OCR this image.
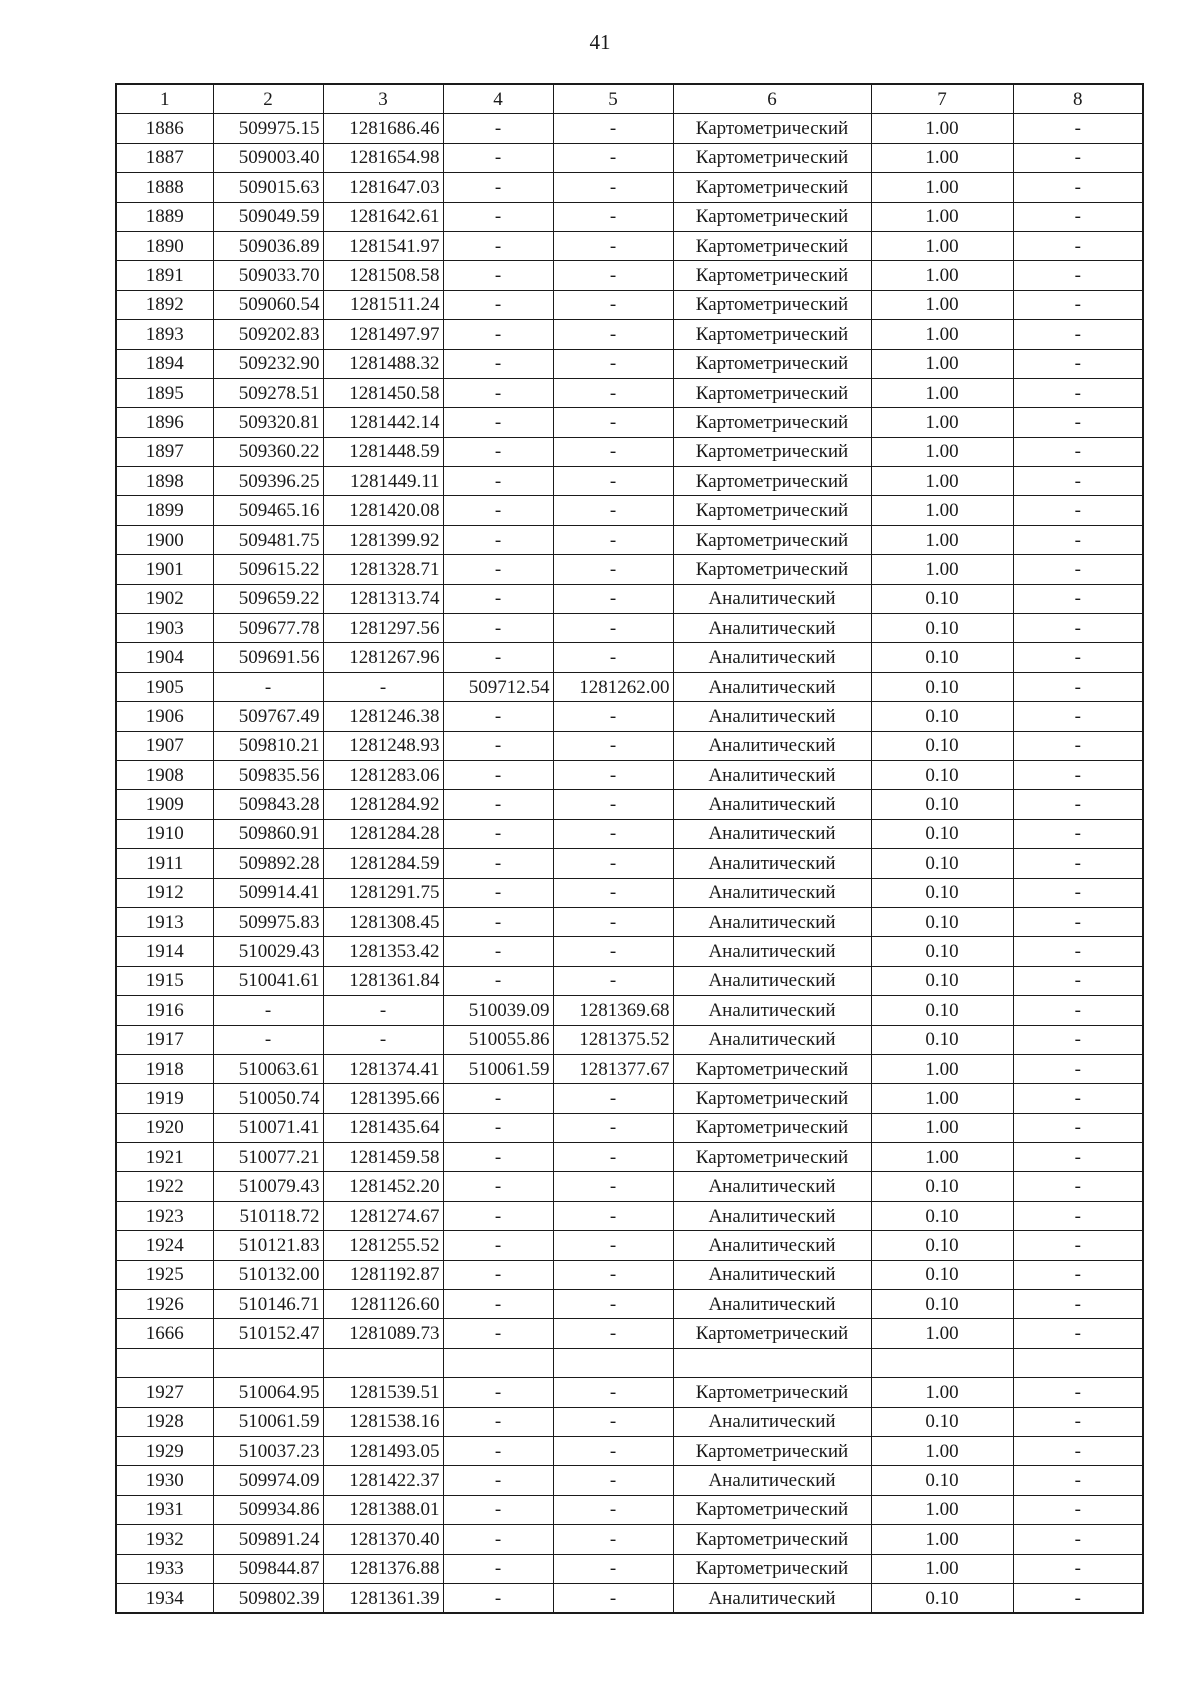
41
1	2	3	4	5	6	7	8
1886	509975.15	1281686.46	-	-	Картометрический	1.00	-
1887	509003.40	1281654.98	-	-	Картометрический	1.00	-
1888	509015.63	1281647.03	-	-	Картометрический	1.00	-
1889	509049.59	1281642.61	-	-	Картометрический	1.00	-
1890	509036.89	1281541.97	-	-	Картометрический	1.00	-
1891	509033.70	1281508.58	-	-	Картометрический	1.00	-
1892	509060.54	1281511.24	-	-	Картометрический	1.00	-
1893	509202.83	1281497.97	-	-	Картометрический	1.00	-
1894	509232.90	1281488.32	-	-	Картометрический	1.00	-
1895	509278.51	1281450.58	-	-	Картометрический	1.00	-
1896	509320.81	1281442.14	-	-	Картометрический	1.00	-
1897	509360.22	1281448.59	-	-	Картометрический	1.00	-
1898	509396.25	1281449.11	-	-	Картометрический	1.00	-
1899	509465.16	1281420.08	-	-	Картометрический	1.00	-
1900	509481.75	1281399.92	-	-	Картометрический	1.00	-
1901	509615.22	1281328.71	-	-	Картометрический	1.00	-
1902	509659.22	1281313.74	-	-	Аналитический	0.10	-
1903	509677.78	1281297.56	-	-	Аналитический	0.10	-
1904	509691.56	1281267.96	-	-	Аналитический	0.10	-
1905	-	-	509712.54	1281262.00	Аналитический	0.10	-
1906	509767.49	1281246.38	-	-	Аналитический	0.10	-
1907	509810.21	1281248.93	-	-	Аналитический	0.10	-
1908	509835.56	1281283.06	-	-	Аналитический	0.10	-
1909	509843.28	1281284.92	-	-	Аналитический	0.10	-
1910	509860.91	1281284.28	-	-	Аналитический	0.10	-
1911	509892.28	1281284.59	-	-	Аналитический	0.10	-
1912	509914.41	1281291.75	-	-	Аналитический	0.10	-
1913	509975.83	1281308.45	-	-	Аналитический	0.10	-
1914	510029.43	1281353.42	-	-	Аналитический	0.10	-
1915	510041.61	1281361.84	-	-	Аналитический	0.10	-
1916	-	-	510039.09	1281369.68	Аналитический	0.10	-
1917	-	-	510055.86	1281375.52	Аналитический	0.10	-
1918	510063.61	1281374.41	510061.59	1281377.67	Картометрический	1.00	-
1919	510050.74	1281395.66	-	-	Картометрический	1.00	-
1920	510071.41	1281435.64	-	-	Картометрический	1.00	-
1921	510077.21	1281459.58	-	-	Картометрический	1.00	-
1922	510079.43	1281452.20	-	-	Аналитический	0.10	-
1923	510118.72	1281274.67	-	-	Аналитический	0.10	-
1924	510121.83	1281255.52	-	-	Аналитический	0.10	-
1925	510132.00	1281192.87	-	-	Аналитический	0.10	-
1926	510146.71	1281126.60	-	-	Аналитический	0.10	-
1666	510152.47	1281089.73	-	-	Картометрический	1.00	-

1927	510064.95	1281539.51	-	-	Картометрический	1.00	-
1928	510061.59	1281538.16	-	-	Аналитический	0.10	-
1929	510037.23	1281493.05	-	-	Картометрический	1.00	-
1930	509974.09	1281422.37	-	-	Аналитический	0.10	-
1931	509934.86	1281388.01	-	-	Картометрический	1.00	-
1932	509891.24	1281370.40	-	-	Картометрический	1.00	-
1933	509844.87	1281376.88	-	-	Картометрический	1.00	-
1934	509802.39	1281361.39	-	-	Аналитический	0.10	-
